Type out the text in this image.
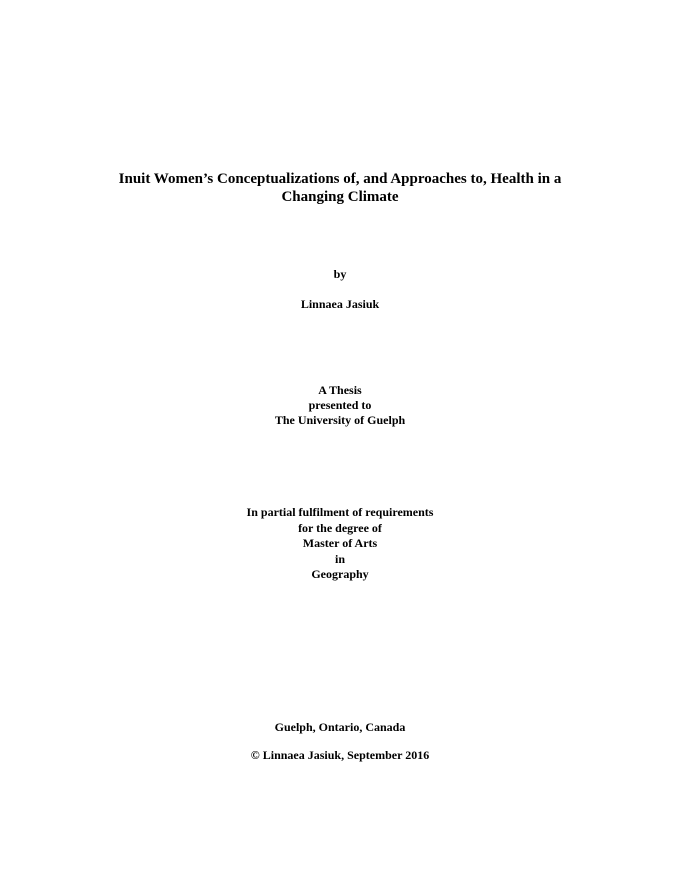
Inuit Women’s Conceptualizations of, and Approaches to, Health in a
Changing Climate
by
Linnaea Jasiuk
A Thesis
presented to
The University of Guelph
In partial fulfilment of requirements
for the degree of
Master of Arts
in
Geography
Guelph, Ontario, Canada
© Linnaea Jasiuk, September 2016
